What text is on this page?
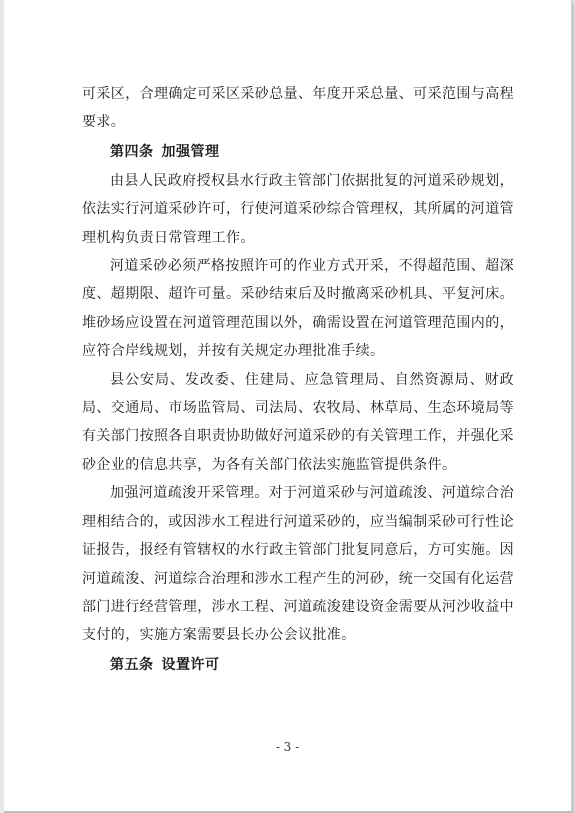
可采区，合理确定可采区采砂总量、年度开采总量、可采范围与高程要求。

第四条 加强管理

由县人民政府授权县水行政主管部门依据批复的河道采砂规划，依法实行河道采砂许可，行使河道采砂综合管理权，其所属的河道管理机构负责日常管理工作。

河道采砂必须严格按照许可的作业方式开采，不得超范围、超深度、超期限、超许可量。采砂结束后及时撤离采砂机具、平复河床。堆砂场应设置在河道管理范围以外，确需设置在河道管理范围内的，应符合岸线规划，并按有关规定办理批准手续。

县公安局、发改委、住建局、应急管理局、自然资源局、财政局、交通局、市场监管局、司法局、农牧局、林草局、生态环境局等有关部门按照各自职责协助做好河道采砂的有关管理工作，并强化采砂企业的信息共享，为各有关部门依法实施监管提供条件。

加强河道疏浚开采管理。对于河道采砂与河道疏浚、河道综合治理相结合的，或因涉水工程进行河道采砂的，应当编制采砂可行性论证报告，报经有管辖权的水行政主管部门批复同意后，方可实施。因河道疏浚、河道综合治理和涉水工程产生的河砂，统一交国有化运营部门进行经营管理，涉水工程、河道疏浚建设资金需要从河沙收益中支付的，实施方案需要县长办公会议批准。

第五条 设置许可

- 3 -
